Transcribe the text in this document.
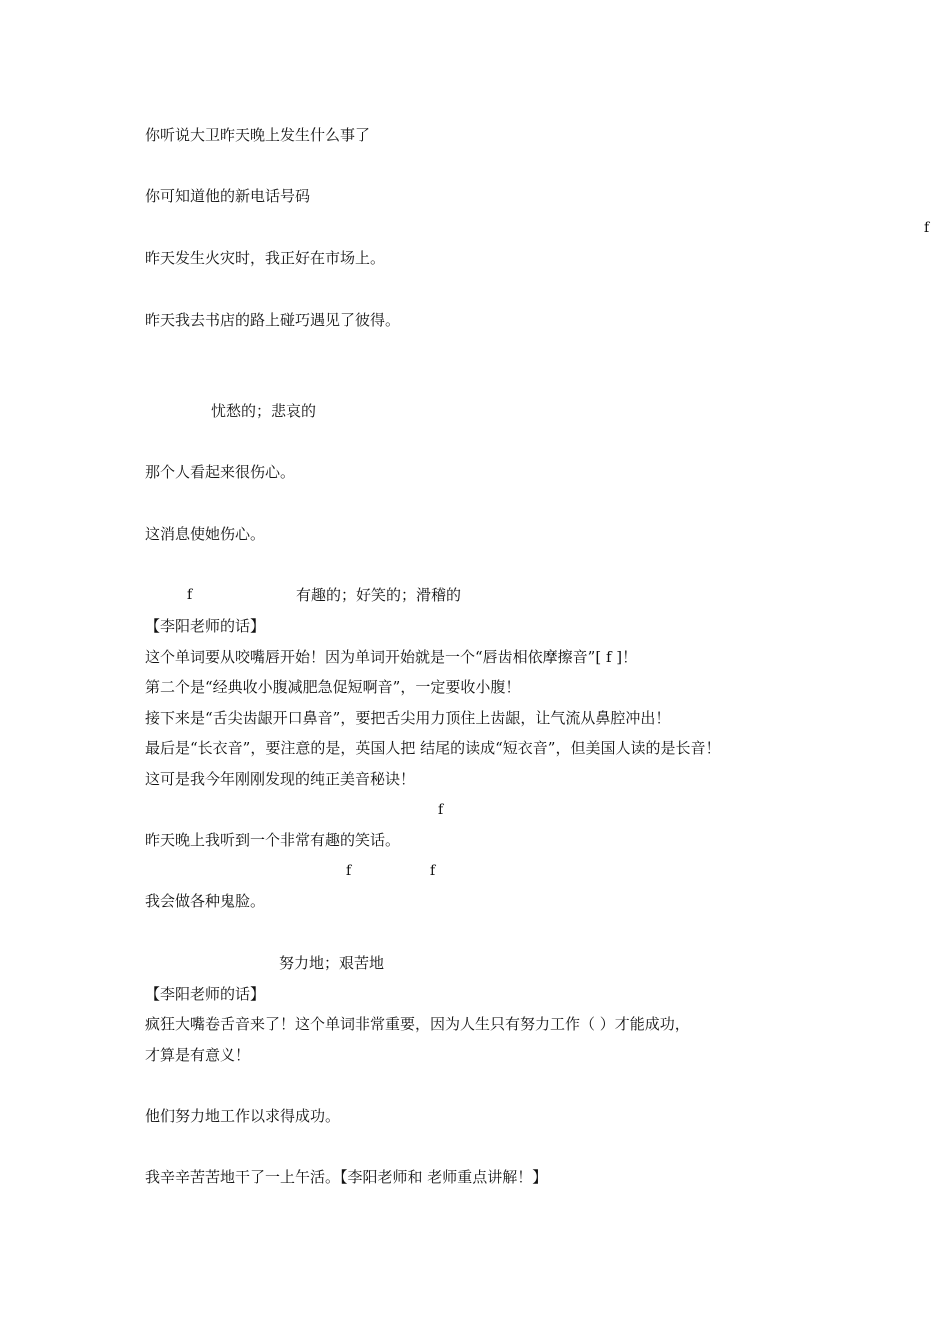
你听说大卫昨天晚上发生什么事了
你可知道他的新电话号码
f
昨天发生火灾时，我正好在市场上。
昨天我去书店的路上碰巧遇见了彼得。
忧愁的；悲哀的
那个人看起来很伤心。
这消息使她伤心。
f	有趣的；好笑的；滑稽的
【李阳老师的话】
这个单词要从咬嘴唇开始！因为单词开始就是一个“唇齿相依摩擦音”[ f ]！
第二个是“经典收小腹减肥急促短啊音”，一定要收小腹！
接下来是“舌尖齿龈开口鼻音”，要把舌尖用力顶住上齿龈，让气流从鼻腔冲出！
最后是“长衣音”，要注意的是，英国人把 结尾的读成“短衣音”，但美国人读的是长音！
这可是我今年刚刚发现的纯正美音秘诀！
f
昨天晚上我听到一个非常有趣的笑话。
f	f
我会做各种鬼脸。
努力地；艰苦地
【李阳老师的话】
疯狂大嘴卷舌音来了！这个单词非常重要，因为人生只有努力工作（ ）才能成功，
才算是有意义！
他们努力地工作以求得成功。
我辛辛苦苦地干了一上午活。【李阳老师和 老师重点讲解！】
